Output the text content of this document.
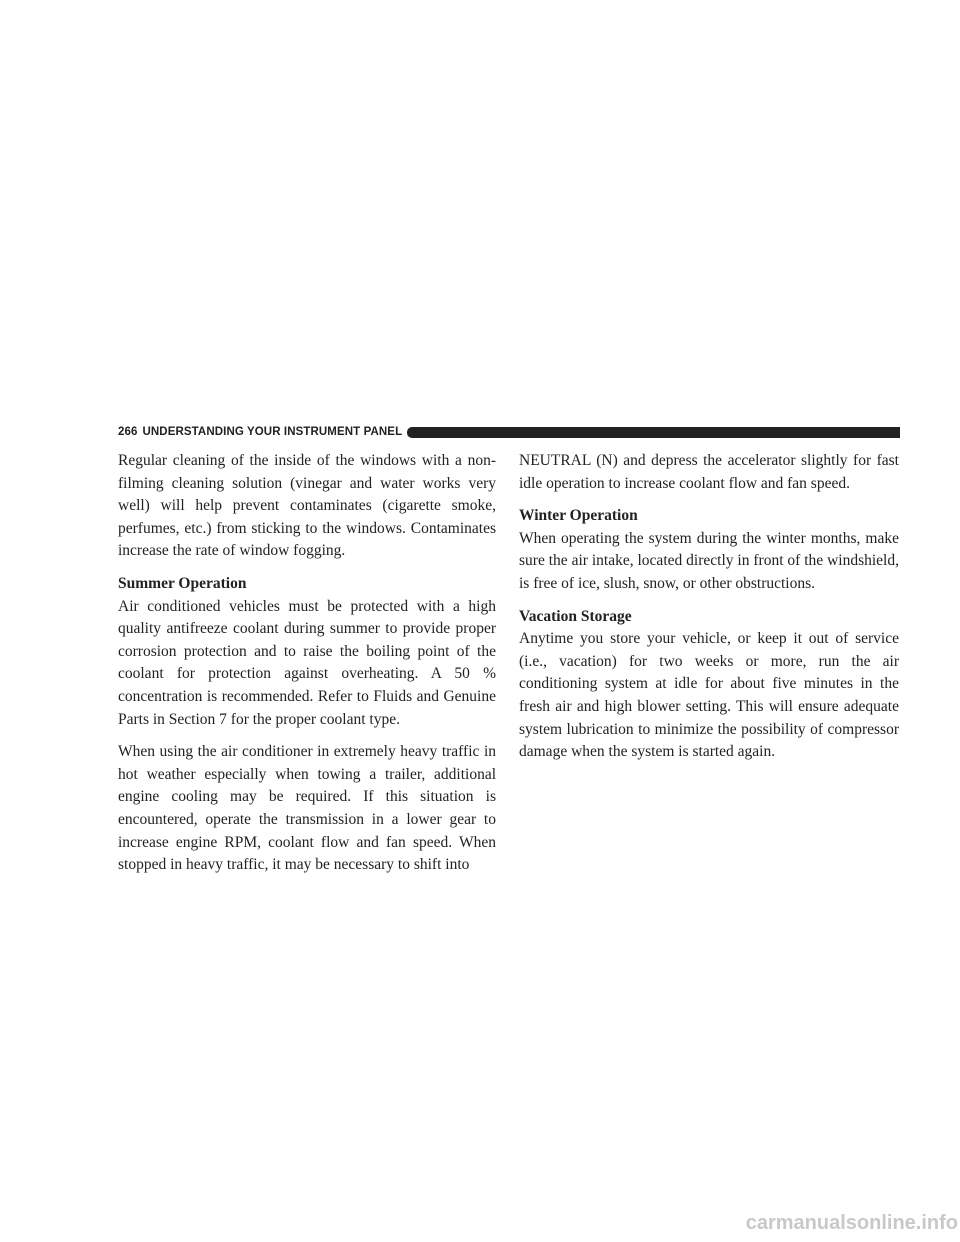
266 UNDERSTANDING YOUR INSTRUMENT PANEL

Regular cleaning of the inside of the windows with a non-filming cleaning solution (vinegar and water works very well) will help prevent contaminates (cigarette smoke, perfumes, etc.) from sticking to the windows. Contaminates increase the rate of window fogging.

Summer Operation

Air conditioned vehicles must be protected with a high quality antifreeze coolant during summer to provide proper corrosion protection and to raise the boiling point of the coolant for protection against overheating. A 50 % concentration is recommended. Refer to Fluids and Genuine Parts in Section 7 for the proper coolant type.

When using the air conditioner in extremely heavy traffic in hot weather especially when towing a trailer, additional engine cooling may be required. If this situation is encountered, operate the transmission in a lower gear to increase engine RPM, coolant flow and fan speed. When stopped in heavy traffic, it may be necessary to shift into

NEUTRAL (N) and depress the accelerator slightly for fast idle operation to increase coolant flow and fan speed.

Winter Operation

When operating the system during the winter months, make sure the air intake, located directly in front of the windshield, is free of ice, slush, snow, or other obstructions.

Vacation Storage

Anytime you store your vehicle, or keep it out of service (i.e., vacation) for two weeks or more, run the air conditioning system at idle for about five minutes in the fresh air and high blower setting. This will ensure adequate system lubrication to minimize the possibility of compressor damage when the system is started again.

carmanualsonline.info
